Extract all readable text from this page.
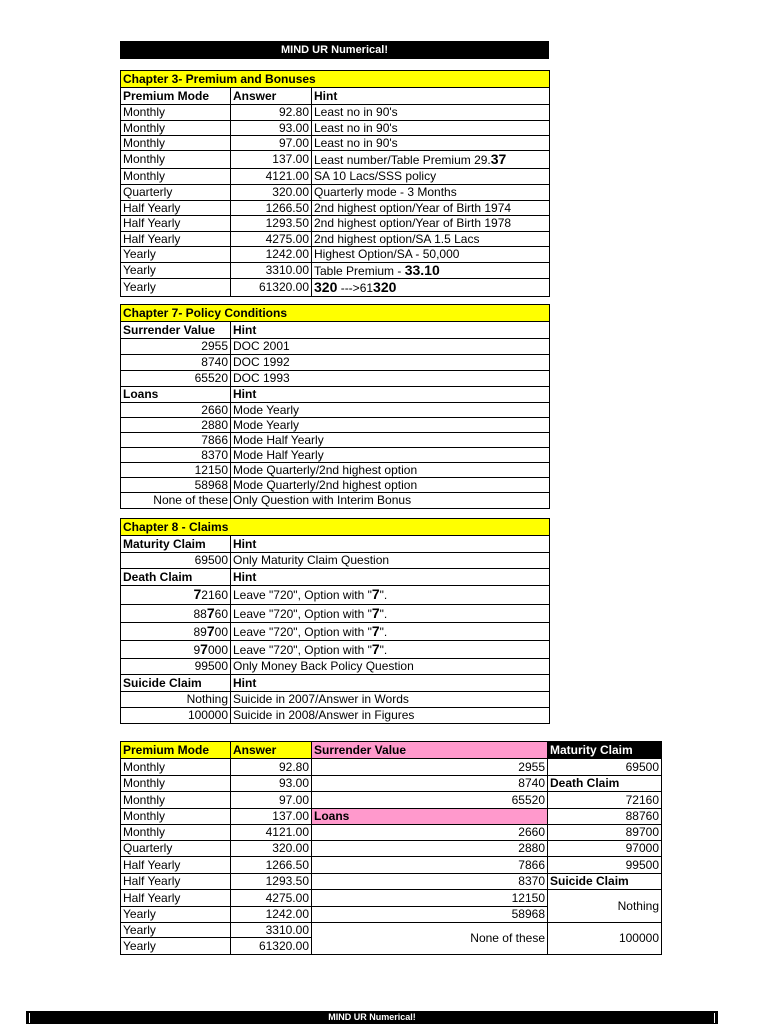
MIND UR Numerical!
Chapter 3- Premium and Bonuses		
Premium Mode	Answer	Hint
Monthly	92.80	Least no in 90's
Monthly	93.00	Least no in 90's
Monthly	97.00	Least no in 90's
Monthly	137.00	Least number/Table Premium 29.37
Monthly	4121.00	SA 10 Lacs/SSS policy
Quarterly	320.00	Quarterly mode - 3 Months
Half Yearly	1266.50	2nd highest option/Year of Birth 1974
Half Yearly	1293.50	2nd highest option/Year of Birth 1978
Half Yearly	4275.00	2nd highest option/SA 1.5 Lacs
Yearly	1242.00	Highest Option/SA - 50,000
Yearly	3310.00	Table Premium - 33.10
Yearly	61320.00	320 --->61320
Chapter 7- Policy Conditions	
Surrender Value	Hint
2955	DOC 2001
8740	DOC 1992
65520	DOC 1993
Loans	Hint
2660	Mode Yearly
2880	Mode Yearly
7866	Mode Half Yearly
8370	Mode Half Yearly
12150	Mode Quarterly/2nd highest option
58968	Mode Quarterly/2nd highest option
None of these	Only Question with Interim Bonus
Chapter 8 - Claims	
Maturity Claim	Hint
69500	Only Maturity Claim Question
Death Claim	Hint
72160	Leave "720", Option with "7".
88760	Leave "720", Option with "7".
89700	Leave "720", Option with "7".
97000	Leave "720", Option with "7".
99500	Only Money Back Policy Question
Suicide Claim	Hint
Nothing	Suicide in 2007/Answer in Words
100000	Suicide in 2008/Answer in Figures
Premium Mode	Answer	Surrender Value	Maturity Claim
Monthly	92.80	2955	69500
Monthly	93.00	8740	Death Claim
Monthly	97.00	65520	72160
Monthly	137.00	Loans	88760
Monthly	4121.00	2660	89700
Quarterly	320.00	2880	97000
Half Yearly	1266.50	7866	99500
Half Yearly	1293.50	8370	Suicide Claim
Half Yearly	4275.00	12150	Nothing
Yearly	1242.00	58968	
Yearly	3310.00	None of these	100000
Yearly	61320.00		
MIND UR Numerical!
